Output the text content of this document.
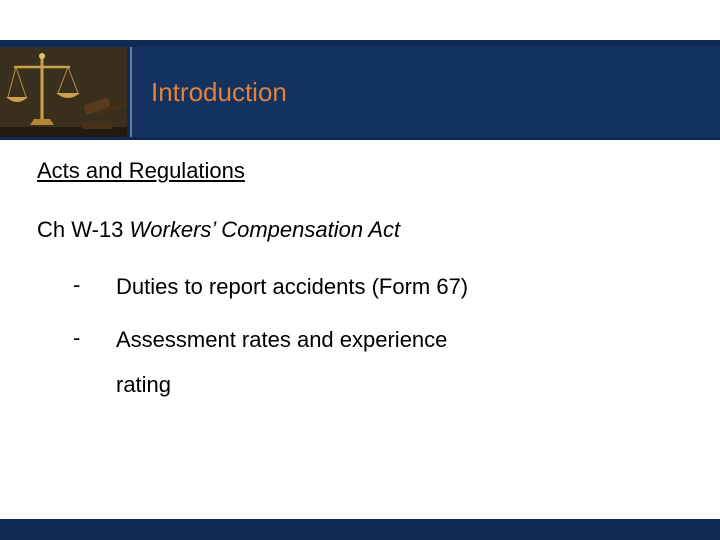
Introduction
Acts and Regulations
Ch W-13 Workers’ Compensation Act
- Duties to report accidents (Form 67)
- Assessment rates and experience
rating
